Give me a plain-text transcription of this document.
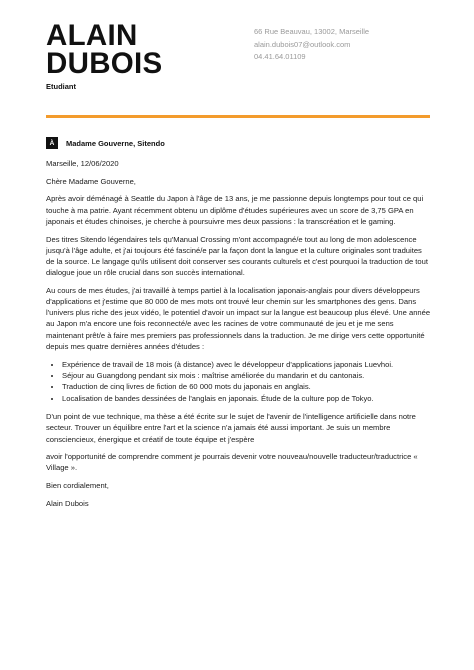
ALAIN
DUBOIS
Etudiant
66 Rue Beauvau, 13002, Marseille
alain.dubois07@outlook.com
04.41.64.01109
À	Madame Gouverne, Sitendo

Marseille, 12/06/2020

Chère Madame Gouverne,

Après avoir déménagé à Seattle du Japon à l'âge de 13 ans, je me passionne depuis longtemps pour tout ce qui touche à ma patrie. Ayant récemment obtenu un diplôme d'études supérieures avec un score de 3,75 GPA en japonais et études chinoises, je cherche à poursuivre mes deux passions : la transcréation et le gaming.

Des titres Sitendo légendaires tels qu'Manual Crossing m'ont accompagné/e tout au long de mon adolescence jusqu'à l'âge adulte, et j'ai toujours été fasciné/e par la façon dont la langue et la culture originales sont traduites de la source. Le langage qu'ils utilisent doit conserver ses courants culturels et c'est pourquoi la traduction de tout dialogue joue un rôle crucial dans son succès international.

Au cours de mes études, j'ai travaillé à temps partiel à la localisation japonais-anglais pour divers développeurs d'applications et j'estime que 80 000 de mes mots ont trouvé leur chemin sur les smartphones des gens. Dans l'univers plus riche des jeux vidéo, le potentiel d'avoir un impact sur la langue est beaucoup plus élevé. Une année au Japon m'a encore une fois reconnecté/e avec les racines de votre communauté de jeu et je me sens maintenant prêt/e à faire mes premiers pas professionnels dans la traduction. Je me dirige vers cette opportunité depuis mes quatre dernières années d'études :

• Expérience de travail de 18 mois (à distance) avec le développeur d'applications japonais Luevhoi.
• Séjour au Guangdong pendant six mois : maîtrise améliorée du mandarin et du cantonais.
• Traduction de cinq livres de fiction de 60 000 mots du japonais en anglais.
• Localisation de bandes dessinées de l'anglais en japonais. Étude de la culture pop de Tokyo.

D'un point de vue technique, ma thèse a été écrite sur le sujet de l'avenir de l'intelligence artificielle dans notre secteur. Trouver un équilibre entre l'art et la science n'a jamais été aussi important. Je suis un membre consciencieux, énergique et créatif de toute équipe et j'espère

avoir l'opportunité de comprendre comment je pourrais devenir votre nouveau/nouvelle traducteur/traductrice « Village ».

Bien cordialement,

Alain Dubois
